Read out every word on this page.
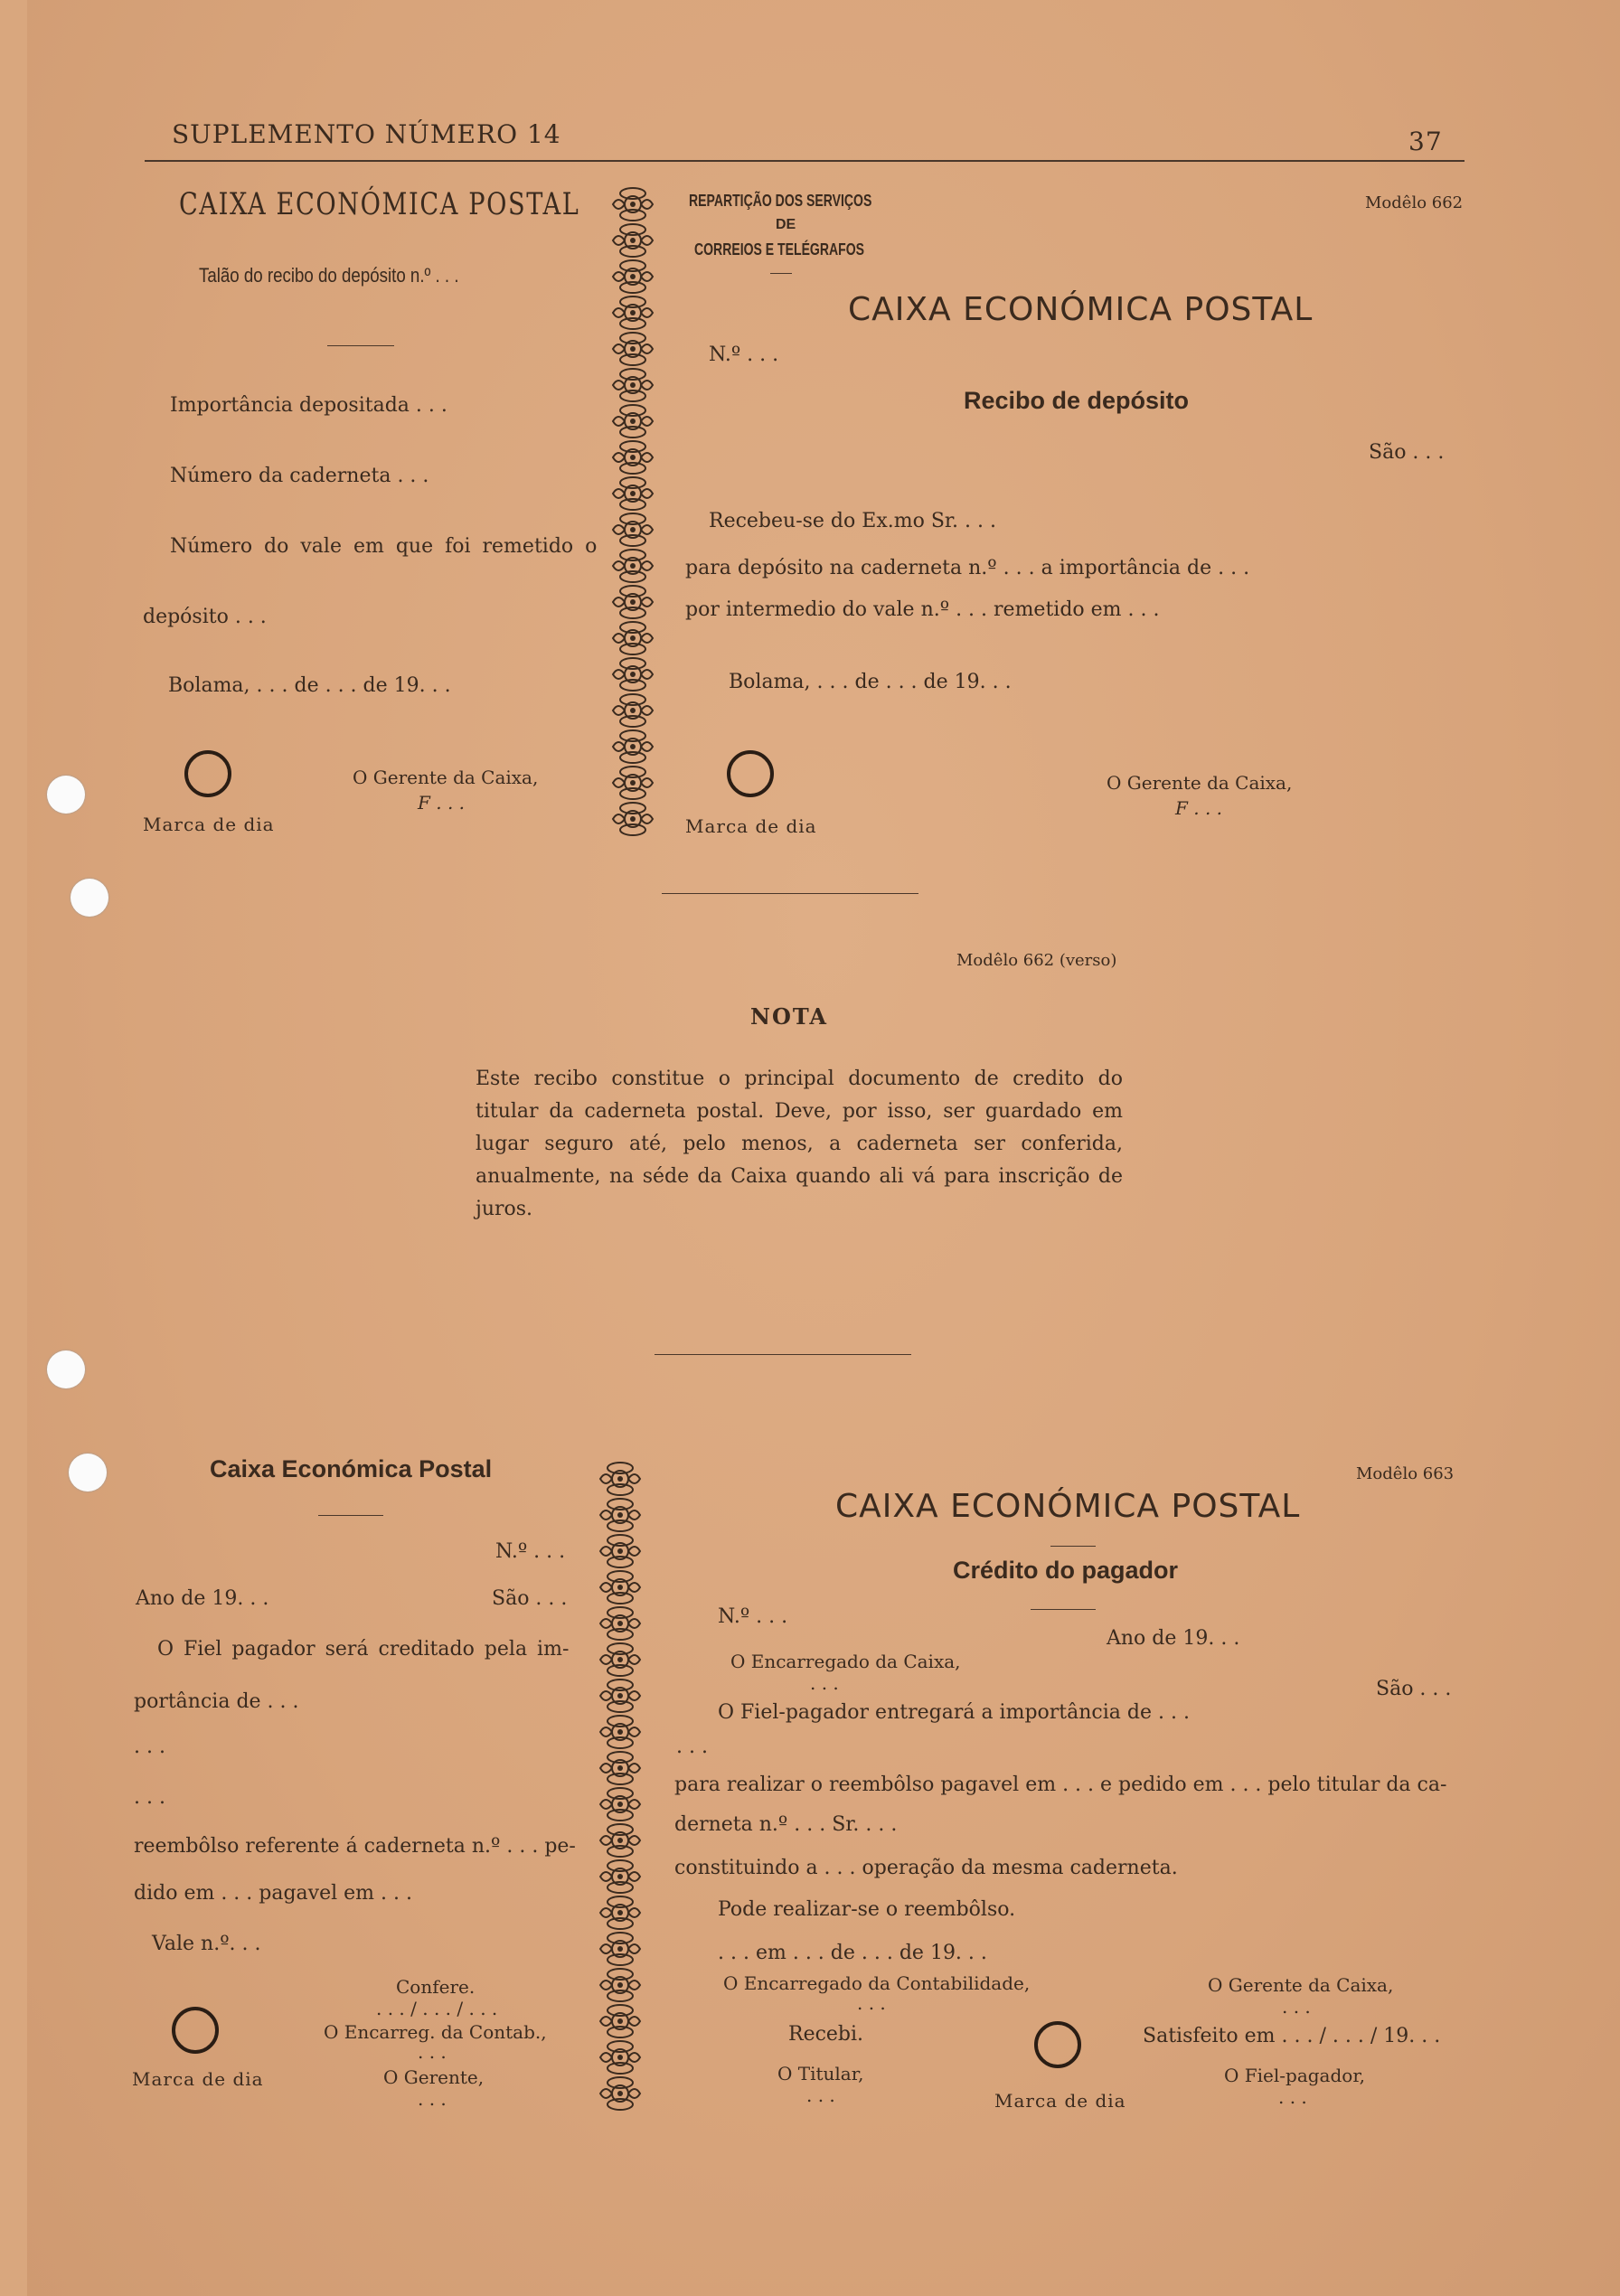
SUPLEMENTO NÚMERO 14	37
CAIXA ECONÓMICA POSTAL
Talão do recibo do depósito n.º . . .
Importância depositada . . .
Número da caderneta . . .
Número do vale em que foi remetido o
depósito . . .
Bolama, . . . de . . . de 19. . .
Marca de dia
O Gerente da Caixa,
F . . .
REPARTIÇÃO DOS SERVIÇOS
DE
CORREIOS E TELÉGRAFOS
Modêlo 662
CAIXA ECONÓMICA POSTAL
N.º . . .
Recibo de depósito
São . . .
Recebeu-se do Ex.mo Sr. . . .
para depósito na caderneta n.º . . . a importância de . . .
por intermedio do vale n.º . . . remetido em . . .
Bolama, . . . de . . . de 19. . .
Marca de dia
O Gerente da Caixa,
F . . .
Modêlo 662 (verso)
NOTA
Este recibo constitue o principal documento de credito do titular da caderneta postal. Deve, por isso, ser guardado em lugar seguro até, pelo menos, a caderneta ser conferida, anualmente, na séde da Caixa quando ali vá para inscrição de juros.
Caixa Económica Postal
N.º . . .
Ano de 19. . .	São . . .
O Fiel pagador será creditado pela im-
portância de . . .
. . .
. . .
reembôlso referente á caderneta n.º . . . pe-
dido em . . . pagavel em . . .
Vale n.º. . .
Confere.
. . . / . . . / . . .
O Encarreg. da Contab.,
. . .
O Gerente,
. . .
Marca de dia
Modêlo 663
CAIXA ECONÓMICA POSTAL
Crédito do pagador
N.º . . .
Ano de 19. . .
O Encarregado da Caixa,
. . .	São . . .
O Fiel-pagador entregará a importância de . . .
. . .
para realizar o reembôlso pagavel em . . . e pedido em . . . pelo titular da ca-
derneta n.º . . . Sr. . . .
constituindo a . . . operação da mesma caderneta.
Pode realizar-se o reembôlso.
. . . em . . . de . . . de 19. . .
O Encarregado da Contabilidade,
. . .
O Gerente da Caixa,
. . .
Recebi.
O Titular,
. . .	Marca de dia
Satisfeito em . . . / . . . / 19. . .
O Fiel-pagador,
. . .
